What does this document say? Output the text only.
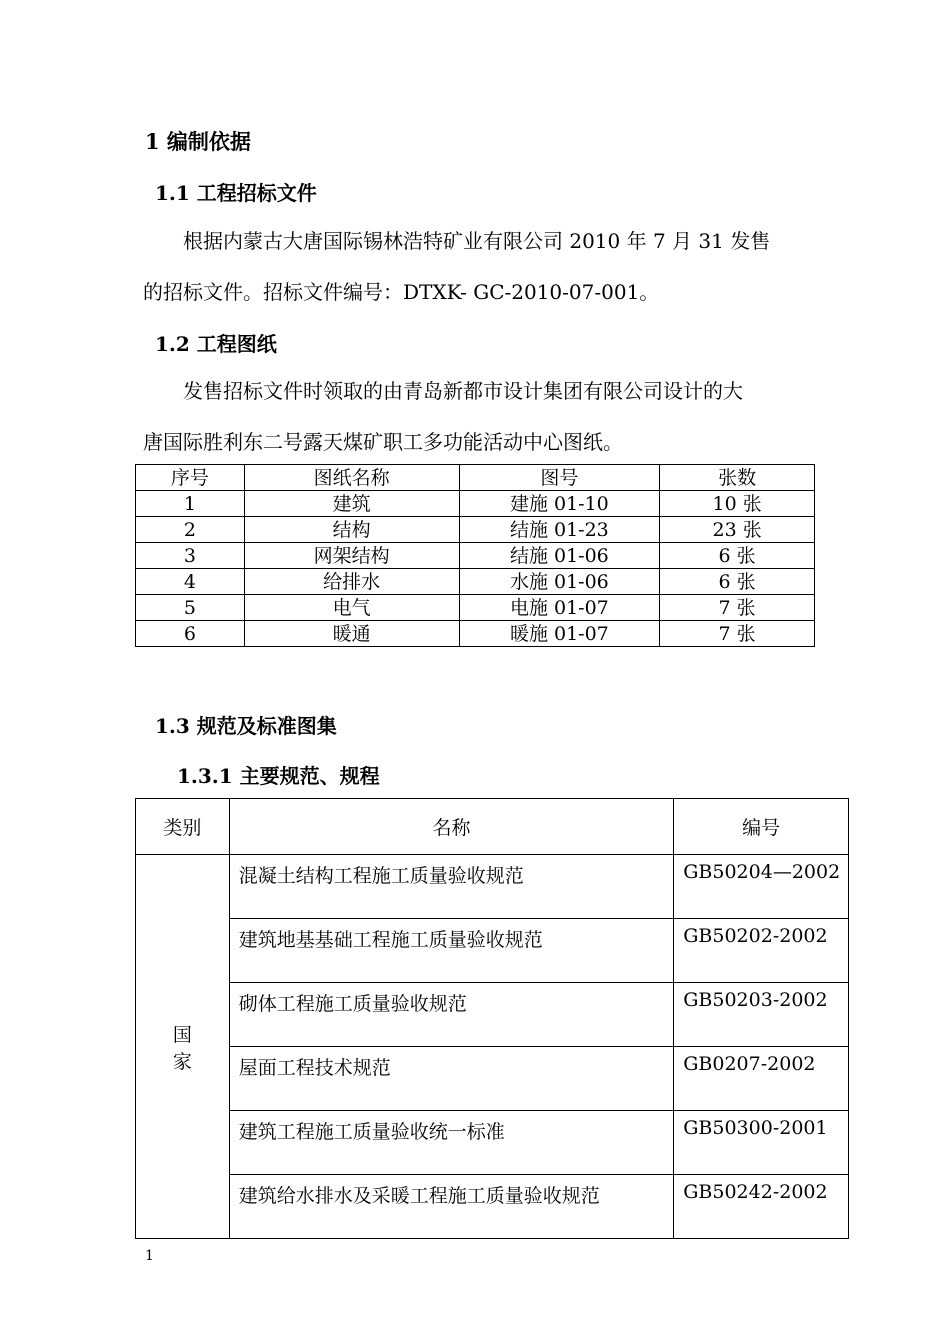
1 编制依据
1.1 工程招标文件
根据内蒙古大唐国际锡林浩特矿业有限公司 2010 年 7 月 31 发售
的招标文件。招标文件编号：DTXK- GC-2010-07-001。
1.2 工程图纸
发售招标文件时领取的由青岛新都市设计集团有限公司设计的大
唐国际胜利东二号露天煤矿职工多功能活动中心图纸。
序号	图纸名称	图号	张数
1	建筑	建施 01-10	10 张
2	结构	结施 01-23	23 张
3	网架结构	结施 01-06	6 张
4	给排水	水施 01-06	6 张
5	电气	电施 01-07	7 张
6	暖通	暖施 01-07	7 张
1.3 规范及标准图集
1.3.1 主要规范、规程
类别	名称	编号

国
家	混凝土结构工程施工质量验收规范	GB50204—2002
	建筑地基基础工程施工质量验收规范	GB50202-2002
	砌体工程施工质量验收规范	GB50203-2002
	屋面工程技术规范	GB0207-2002
	建筑工程施工质量验收统一标准	GB50300-2001
	建筑给水排水及采暖工程施工质量验收规范	GB50242-2002
1
